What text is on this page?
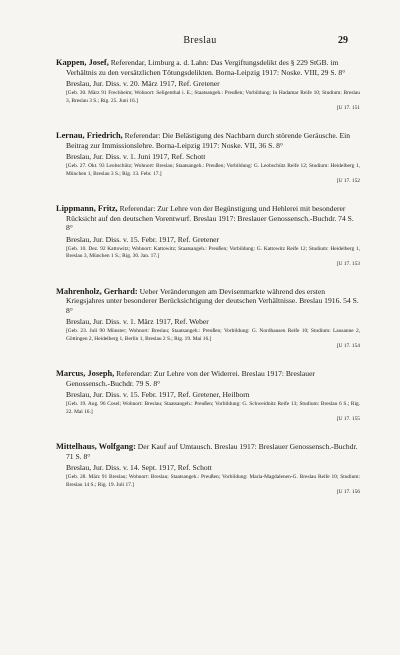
Breslau	29

Kappen, Josef, Referendar, Limburg a. d. Lahn: Das Vergiftungsdelikt des § 229 StGB. im Verhältnis zu den versätzlichen Tötungsdelikten. Borna-Leipzig 1917: Noske. VIII, 29 S. 8°

Breslau, Jur. Diss. v. 20. März 1917, Ref. Gretener

[Geb. 30. März 91 Frechheim; Wohnort: Seligenthal i. E.; Staatsangeh.: Preußen; Vorbildung: In Hadamar Reife 10; Studium: Breslau 3, Breslau 3 S.; Rig. 25. Juni 16.]

[U 17. 151

Lernau, Friedrich, Referendar: Die Belästigung des Nachbarn durch störende Geräusche. Ein Beitrag zur Immissionslehre. Borna-Leipzig 1917: Noske. VII, 36 S. 8°

Breslau, Jur. Diss. v. 1. Juni 1917, Ref. Schott

[Geb. 27. Okt. 93 Leobschütz; Wohnort: Breslau; Staatsangeh.: Preußen; Vorbildung: G. Leobschütz Reife 12; Studium: Heidelberg 1, München 1, Breslau 3 S.; Rig. 13. Febr. 17.]

[U 17. 152

Lippmann, Fritz, Referendar: Zur Lehre von der Begünstigung und Hehlerei mit besonderer Rücksicht auf den deutschen Vorentwurf. Breslau 1917: Breslauer Genossensch.-Buchdr. 74 S. 8°

Breslau, Jur. Diss. v. 15. Febr. 1917, Ref. Gretener

[Geb. 10. Dez. 92 Kattowitz; Wohnort: Kattowitz; Staatsangeh.: Preußen; Vorbildung: G. Kattowitz Reife 12; Studium: Heidelberg 1, Breslau 3, München 1 S.; Rig. 30. Jan. 17.]

[U 17. 153

Mahrenholz, Gerhard: Ueber Veränderungen am Devisenmarkte während des ersten Kriegsjahres unter besonderer Berücksichtigung der deutschen Verhältnisse. Breslau 1916. 54 S. 8°

Breslau, Jur. Diss. v. 1. März 1917, Ref. Weber

[Geb. 23. Juli 90 Münster; Wohnort: Breslau; Staatsangeh.: Preußen; Vorbildung: G. Nordhausen Reife 10; Studium: Lausanne 2, Göttingen 2, Heidelberg 1, Berlin 1, Breslau 2 S.; Rig. 19. Mai 16.]

[U 17. 154

Marcus, Joseph, Referendar: Zur Lehre von der Widerrei. Breslau 1917: Breslauer Genossensch.-Buchdr. 79 S. 8°

Breslau, Jur. Diss. v. 15. Febr. 1917, Ref. Gretener, Heilborn

[Geb. 19. Aug. 96 Cosel; Wohnort: Breslau; Staatsangeh.: Preußen; Vorbildung: G. Schweidnitz Reife 13; Studium: Breslau 6 S.; Rig. 22. Mai 16.]

[U 17. 155

Mittelhaus, Wolfgang: Der Kauf auf Umtausch. Breslau 1917: Breslauer Genossensch.-Buchdr. 71 S. 8°

Breslau, Jur. Diss. v. 14. Sept. 1917, Ref. Schott

[Geb. 28. März 91 Breslau; Wohnort: Breslau; Staatsangeh.: Preußen; Vorbildung: Maria-Magdalenen-G. Breslau Reife 10; Studium: Breslau 14 S.; Rig. 19. Juli 17.]

[U 17. 156
